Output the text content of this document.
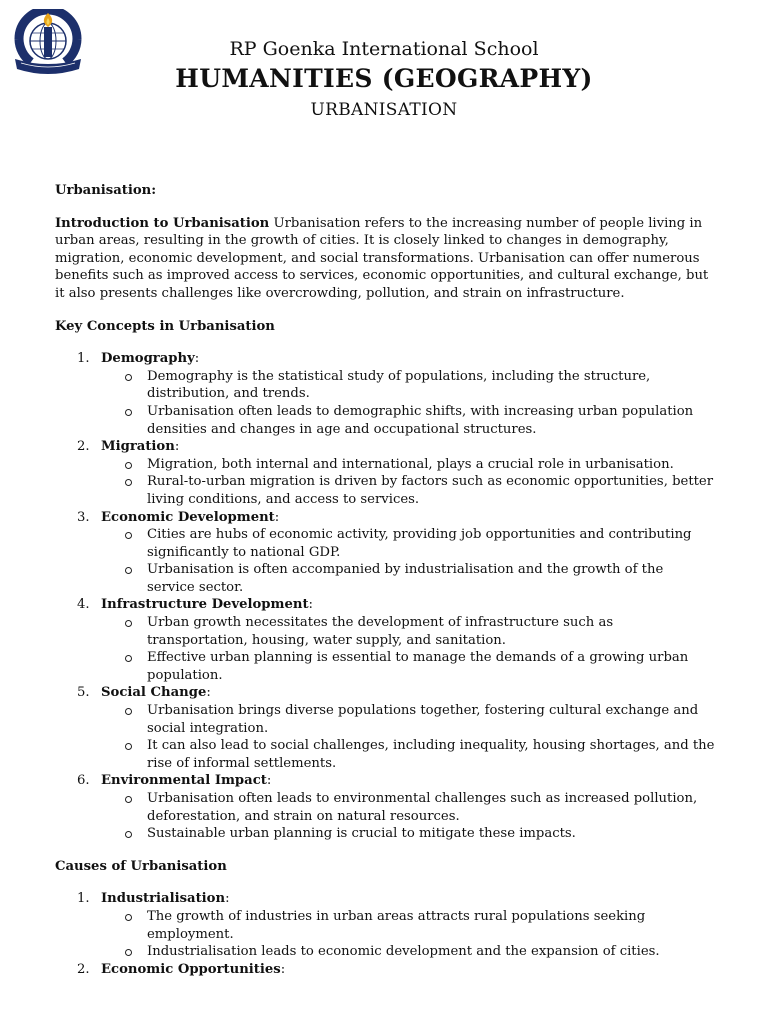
RP Goenka International School
HUMANITIES (GEOGRAPHY)
URBANISATION

Urbanisation:

Introduction to Urbanisation Urbanisation refers to the increasing number of people living in urban areas, resulting in the growth of cities. It is closely linked to changes in demography, migration, economic development, and social transformations. Urbanisation can offer numerous benefits such as improved access to services, economic opportunities, and cultural exchange, but it also presents challenges like overcrowding, pollution, and strain on infrastructure.

Key Concepts in Urbanisation

1. Demography:
Demography is the statistical study of populations, including the structure, distribution, and trends.
Urbanisation often leads to demographic shifts, with increasing urban population densities and changes in age and occupational structures.
2. Migration:
Migration, both internal and international, plays a crucial role in urbanisation.
Rural-to-urban migration is driven by factors such as economic opportunities, better living conditions, and access to services.
3. Economic Development:
Cities are hubs of economic activity, providing job opportunities and contributing significantly to national GDP.
Urbanisation is often accompanied by industrialisation and the growth of the service sector.
4. Infrastructure Development:
Urban growth necessitates the development of infrastructure such as transportation, housing, water supply, and sanitation.
Effective urban planning is essential to manage the demands of a growing urban population.
5. Social Change:
Urbanisation brings diverse populations together, fostering cultural exchange and social integration.
It can also lead to social challenges, including inequality, housing shortages, and the rise of informal settlements.
6. Environmental Impact:
Urbanisation often leads to environmental challenges such as increased pollution, deforestation, and strain on natural resources.
Sustainable urban planning is crucial to mitigate these impacts.

Causes of Urbanisation

1. Industrialisation:
The growth of industries in urban areas attracts rural populations seeking employment.
Industrialisation leads to economic development and the expansion of cities.
2. Economic Opportunities:
